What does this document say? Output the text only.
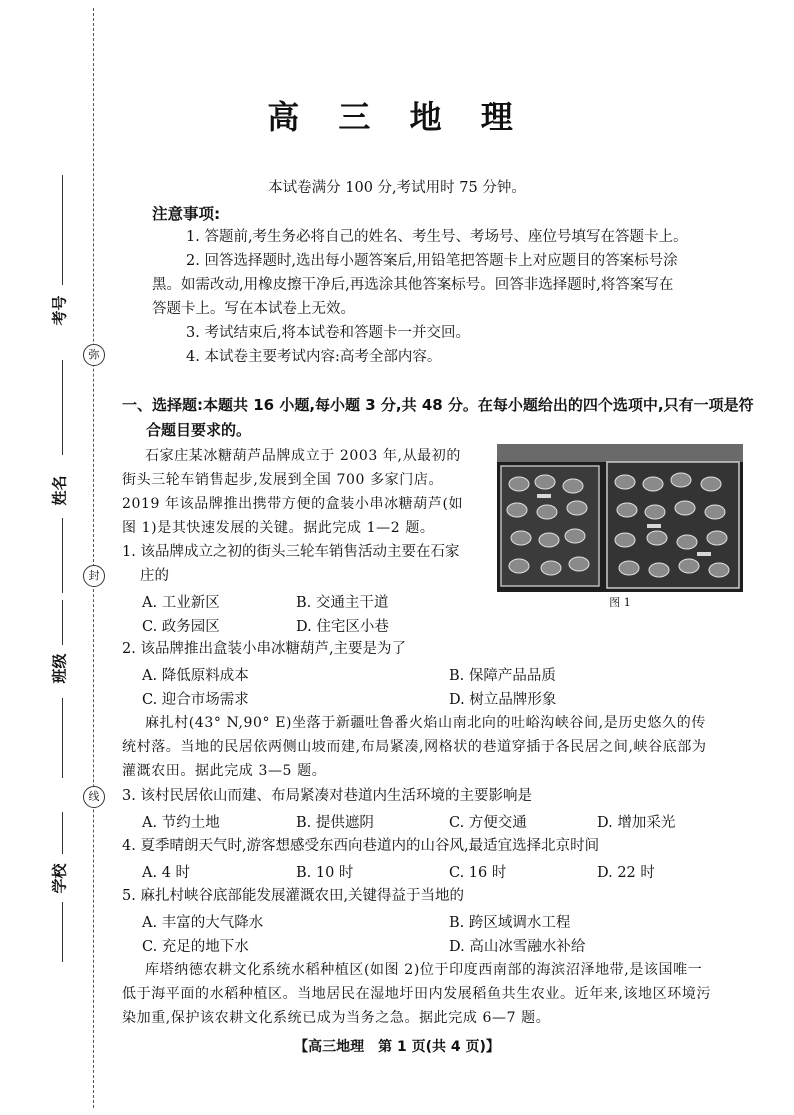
考号
弥
姓名
封
班级
线
学校
高 三 地 理
本试卷满分 100 分,考试用时 75 分钟。
注意事项:
1. 答题前,考生务必将自己的姓名、考生号、考场号、座位号填写在答题卡上。
2. 回答选择题时,选出每小题答案后,用铅笔把答题卡上对应题目的答案标号涂
黑。如需改动,用橡皮擦干净后,再选涂其他答案标号。回答非选择题时,将答案写在
答题卡上。写在本试卷上无效。
3. 考试结束后,将本试卷和答题卡一并交回。
4. 本试卷主要考试内容:高考全部内容。
一、选择题:本题共 16 小题,每小题 3 分,共 48 分。在每小题给出的四个选项中,只有一项是符
合题目要求的。
石家庄某冰糖葫芦品牌成立于 2003 年,从最初的
街头三轮车销售起步,发展到全国 700 多家门店。
2019 年该品牌推出携带方便的盒装小串冰糖葫芦(如
图 1)是其快速发展的关键。据此完成 1—2 题。
图 1
1. 该品牌成立之初的街头三轮车销售活动主要在石家
庄的
A. 工业新区	B. 交通主干道
C. 政务园区	D. 住宅区小巷
2. 该品牌推出盒装小串冰糖葫芦,主要是为了
A. 降低原料成本	B. 保障产品品质
C. 迎合市场需求	D. 树立品牌形象
麻扎村(43° N,90° E)坐落于新疆吐鲁番火焰山南北向的吐峪沟峡谷间,是历史悠久的传
统村落。当地的民居依两侧山坡而建,布局紧凑,网格状的巷道穿插于各民居之间,峡谷底部为
灌溉农田。据此完成 3—5 题。
3. 该村民居依山而建、布局紧凑对巷道内生活环境的主要影响是
A. 节约土地	B. 提供遮阴	C. 方便交通	D. 增加采光
4. 夏季晴朗天气时,游客想感受东西向巷道内的山谷风,最适宜选择北京时间
A. 4 时	B. 10 时	C. 16 时	D. 22 时
5. 麻扎村峡谷底部能发展灌溉农田,关键得益于当地的
A. 丰富的大气降水	B. 跨区域调水工程
C. 充足的地下水	D. 高山冰雪融水补给
库塔纳德农耕文化系统水稻种植区(如图 2)位于印度西南部的海滨沼泽地带,是该国唯一
低于海平面的水稻种植区。当地居民在湿地圩田内发展稻鱼共生农业。近年来,该地区环境污
染加重,保护该农耕文化系统已成为当务之急。据此完成 6—7 题。
【高三地理　第 1 页(共 4 页)】
